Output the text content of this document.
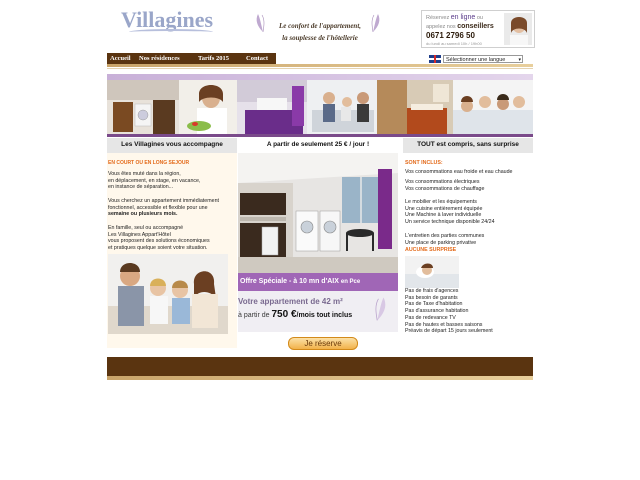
Villagines	Le confort de l'appartement,
la souplesse de l'hôtellerie
Réservez en ligne ou
appelez nos conseillers
0671 2796 50
du lundi au samedi 10h / 19h00
Accueil Nos résidences	Tarifs 2015	Contact	Sélectionner une langue	▾
Les Villagines vous accompagne	A partir de seulement 25 € / jour !	TOUT est compris, sans surprise
EN COURT OU EN LONG SEJOUR
Vous êtes muté dans la région,
en déplacement, en stage, en vacance,
en instance de séparation...
Vous cherchez un appartement immédiatement
fonctionnel, accessible et flexible pour une
semaine ou plusieurs mois.
En famille, seul ou accompagné
Les Villagines Appart'Hôtel
vous proposent des solutions économiques
et pratiques quelque soient votre situation.
Offre Spéciale - à 10 mn d'AIX en Pce
Votre appartement de 42 m²
à partir de 750 €/mois tout inclus
Je réserve
SONT INCLUS:
Vos consommations eau froide et eau chaude
Vos consommations électriques
Vos consommations de chauffage
Le mobilier et les équipements
Une cuisine entièrement équipée
Une Machine à laver individuelle
Un service technique disponible 24/24
L'entretien des parties communes
Une place de parking privative
AUCUNE SURPRISE
Pas de frais d'agences
Pas besoin de garants
Pas de Taxe d'habitation
Pas d'assurance habitation
Pas de redevance TV
Pas de hautes et basses saisons
Préavis de départ 15 jours seulement
